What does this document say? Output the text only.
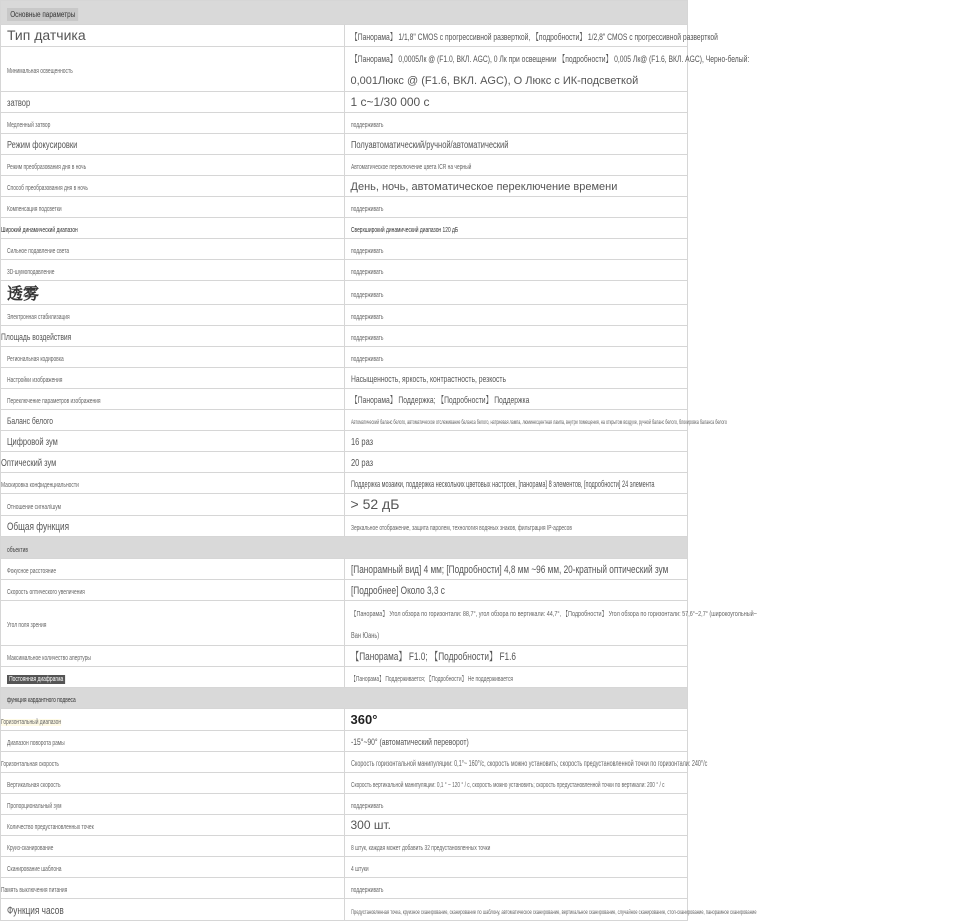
Основные параметры	
Тип датчика	【Панорама】 1/1,8" CMOS с прогрессивной разверткой, 【подробности】 1/2,8" CMOS с прогрессивной разверткой
Минимальная освещенность	【Панорама】 0,0005Лк @ (F1.0, ВКЛ. AGC), 0 Лк при освещении 【подробности】 0,005 Лк@ (F1.6, ВКЛ. AGC), Черно-белый:
0,001Люкс @ (F1.6, ВКЛ. AGC), О Люкс с ИК-подсветкой

затвор	1 с~1/30 000 с
Медленный затвор	поддерживать
Режим фокусировки	Полуавтоматический/ручной/автоматический
Режим преобразования дня в ночь	Автоматическое переключение цвета ICR на черный
Способ преобразования дня в ночь	День, ночь, автоматическое переключение времени
Компенсация подсветки	поддерживать
Широкий динамический диапазон	Сверхширокий динамический диапазон 120 дБ
Сильное подавление света	поддерживать
3D-шумоподавление	поддерживать
透雾	поддерживать
Электронная стабилизация	поддерживать
Площадь воздействия	поддерживать
Региональная кодировка	поддерживать
Настройки изображения	Насыщенность, яркость, контрастность, резкость
Переключение параметров изображения	【Панорама】 Поддержка; 【Подробности】 Поддержка
Баланс белого	Автоматический баланс белого, автоматическое отслеживание баланса белого, натриевая лампа, люминесцентная лампа, внутри помещения, на открытом воздухе, ручной баланс белого, блокировка баланса белого
Цифровой зум	16 раз
Оптический зум	20 раз
Маскировка конфиденциальности	Поддержка мозаики, поддержка нескольких цветовых настроек, [панорама] 8 элементов, [подробности] 24 элемента
Отношение сигнал/шум	> 52 дБ
Общая функция	Зеркальное отображение, защита паролем, технология водяных знаков, фильтрация IP-адресов
объектив	
Фокусное расстояние	[Панорамный вид] 4 мм; [Подробности] 4,8 мм ~96 мм, 20-кратный оптический зум
Скорость оптического увеличения	[Подробнее] Около 3,3 с
Угол поля зрения	【Панорама】 Угол обзора по горизонтали: 88,7°, угол обзора по вертикали: 44,7°, 【Подробности】 Угол обзора по горизонтали: 57,6°~2,7° (широкоугольный~
Ван Юань)

Максимальное количество апертуры	【Панорама】 F1.0; 【Подробности】 F1.6
Постоянная диафрагма	【Панорама】 Поддерживается; 【Подробности】 Не поддерживается
функция кардантного подвеса	
Горизонтальный диапазон	360°
Диапазон поворота рамы	-15°~90° (автоматический переворот)
Горизонтальная скорость	Скорость горизонтальной манипуляции: 0,1°~ 160°/с, скорость можно установить; скорость предустановленной точки по горизонтали: 240°/с
Вертикальная скорость	Скорость вертикальной манипуляции: 0,1 ° ~ 120 ° / с, скорость можно установить; скорость предустановленной точки по вертикали: 200 ° / с
Пропорциональный зум	поддерживать
Количество предустановленных точек	300 шт.
Круиз-сканирование	8 штук, каждая может добавить 32 предустановленных точки
Сканирование шаблона	4 штуки
Память выключения питания	поддерживать
Функция часов	Предустановленная точка, круизное сканирование, сканирование по шаблону, автоматическое сканирование, вертикальное сканирование, случайное сканирование, стоп-сканирование, панорамное сканирование
